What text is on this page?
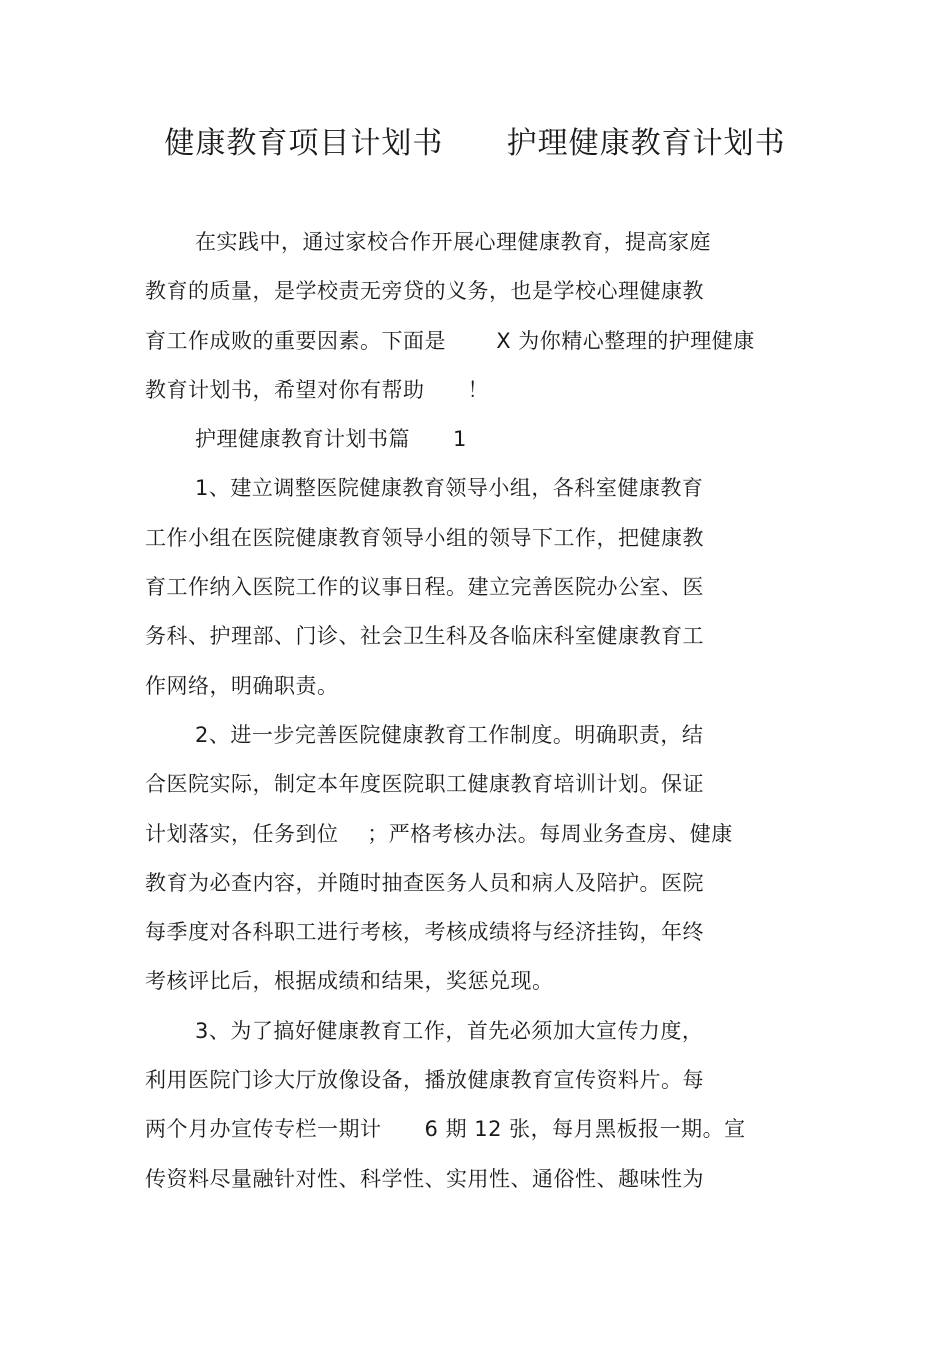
健康教育项目计划书      护理健康教育计划书
在实践中，通过家校合作开展心理健康教育，提高家庭
教育的质量，是学校责无旁贷的义务，也是学校心理健康教
育工作成败的重要因素。下面是       X 为你精心整理的护理健康
教育计划书，希望对你有帮助      ！
护理健康教育计划书篇      1
1、建立调整医院健康教育领导小组，各科室健康教育
工作小组在医院健康教育领导小组的领导下工作，把健康教
育工作纳入医院工作的议事日程。建立完善医院办公室、医
务科、护理部、门诊、社会卫生科及各临床科室健康教育工
作网络，明确职责。
2、进一步完善医院健康教育工作制度。明确职责，结
合医院实际，制定本年度医院职工健康教育培训计划。保证
计划落实，任务到位    ；严格考核办法。每周业务查房、健康
教育为必查内容，并随时抽查医务人员和病人及陪护。医院
每季度对各科职工进行考核，考核成绩将与经济挂钩，年终
考核评比后，根据成绩和结果，奖惩兑现。
3、为了搞好健康教育工作，首先必须加大宣传力度，
利用医院门诊大厅放像设备，播放健康教育宣传资料片。每
两个月办宣传专栏一期计      6 期 12 张，每月黑板报一期。宣
传资料尽量融针对性、科学性、实用性、通俗性、趣味性为
